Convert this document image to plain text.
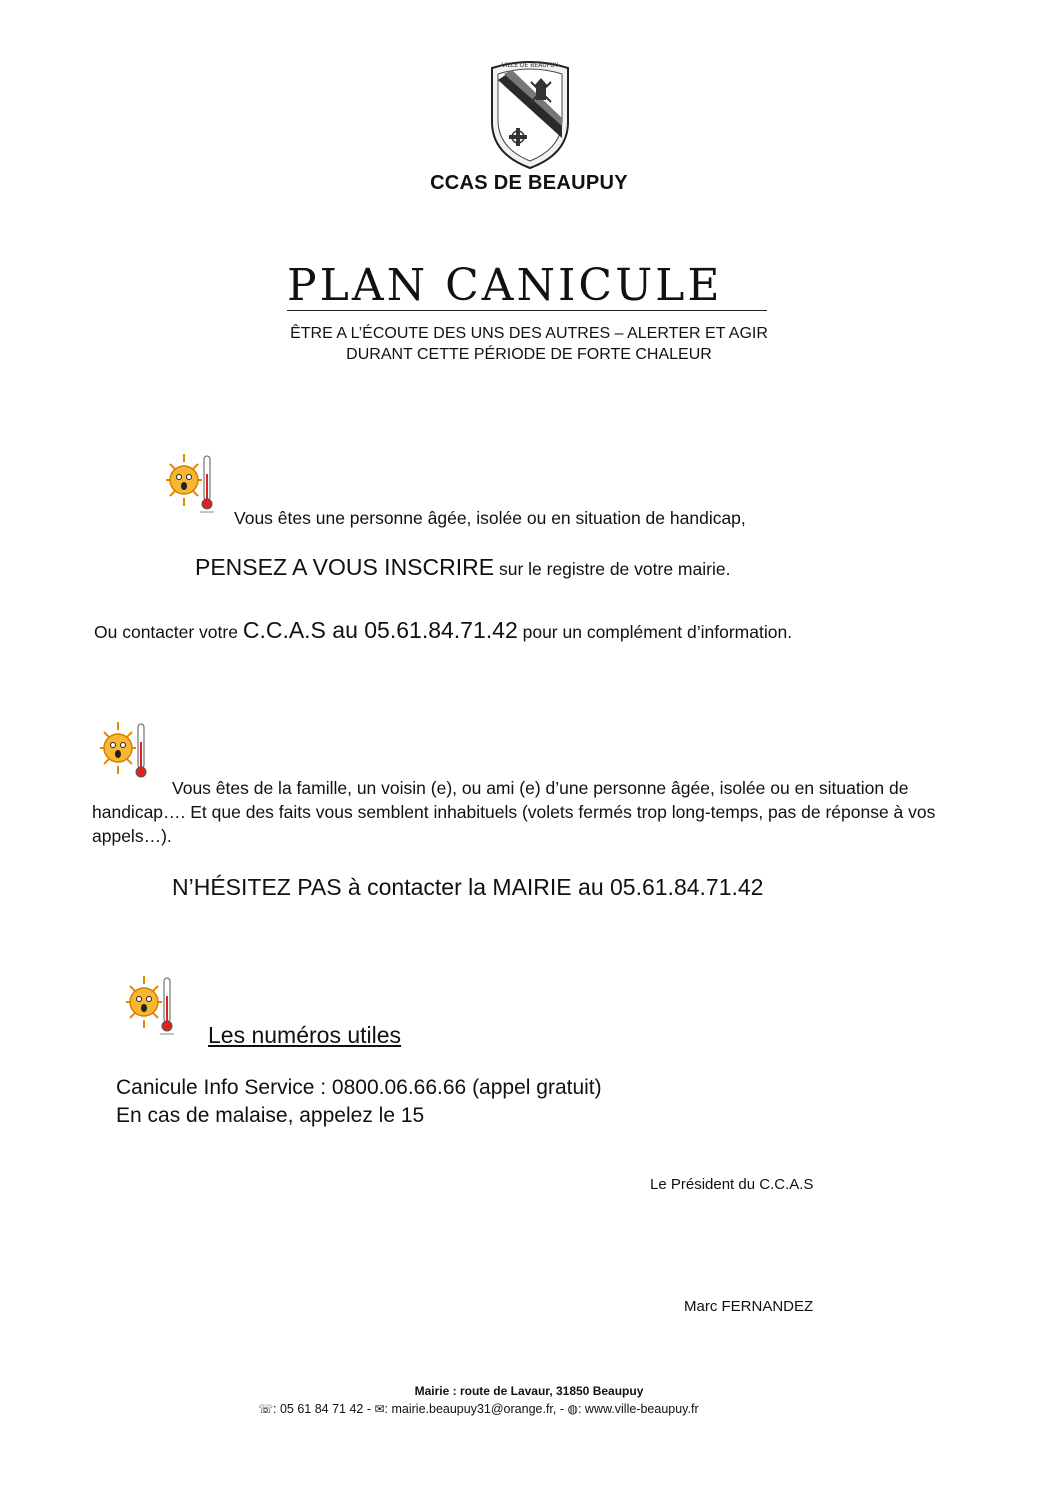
VILLE DE BEAUPUY
CCAS DE BEAUPUY
PLAN CANICULE
ÊTRE A L’ÉCOUTE DES UNS DES AUTRES – ALERTER ET AGIR
DURANT CETTE PÉRIODE DE FORTE CHALEUR
Vous êtes une personne âgée, isolée ou en situation de handicap,
PENSEZ A VOUS INSCRIRE sur le registre de votre mairie.
Ou contacter votre C.C.A.S au 05.61.84.71.42 pour un complément d’information.
Vous êtes de la famille, un voisin (e), ou ami (e) d’une personne âgée, isolée ou en situation de handicap…. Et que des faits vous semblent inhabituels (volets fermés trop long-temps, pas de réponse à vos appels…).
N’HÉSITEZ PAS à contacter la MAIRIE au 05.61.84.71.42
Les numéros utiles
Canicule Info Service : 0800.06.66.66 (appel gratuit)
En cas de malaise, appelez le 15
Le Président du C.C.A.S
Marc FERNANDEZ
Mairie : route de Lavaur, 31850 Beaupuy
☏: 05 61 84 71 42 - ✉: mairie.beaupuy31@orange.fr, - ◍: www.ville-beaupuy.fr
